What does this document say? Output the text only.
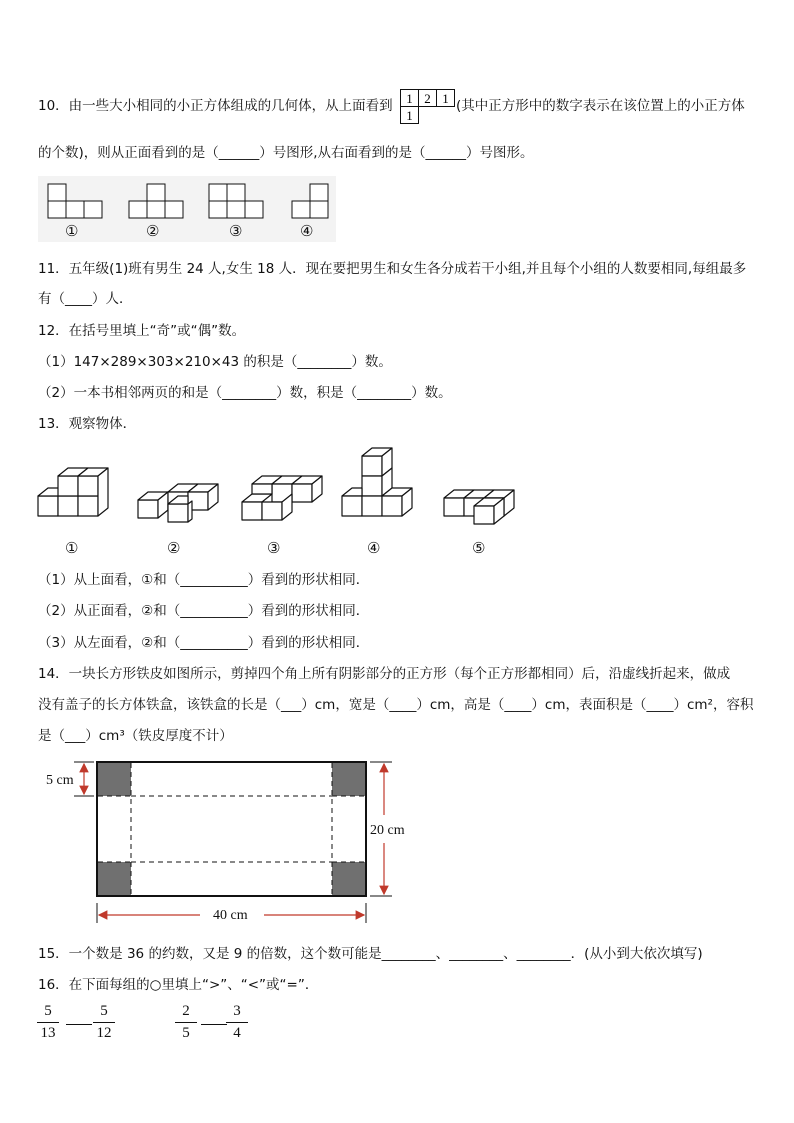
10．由一些大小相同的小正方体组成的几何体，从上面看到 1 2 1
1
(其中正方形中的数字表示在该位置上的小正方体
的个数)，则从正面看到的是（______）号图形,从右面看到的是（______）号图形。
①	②	③	④
11．五年级(1)班有男生 24 人,女生 18 人．现在要把男生和女生各分成若干小组,并且每个小组的人数要相同,每组最多
有（____）人．
12．在括号里填上“奇”或“偶”数。
（1）147×289×303×210×43 的积是（________）数。
（2）一本书相邻两页的和是（________）数，积是（________）数。
13．观察物体．
①	②	③	④	⑤
（1）从上面看，①和（__________）看到的形状相同．
（2）从正面看，②和（__________）看到的形状相同．
（3）从左面看，②和（__________）看到的形状相同．
14．一块长方形铁皮如图所示，剪掉四个角上所有阴影部分的正方形（每个正方形都相同）后，沿虚线折起来，做成
没有盖子的长方体铁盒，该铁盒的长是（___）cm，宽是（____）cm，高是（____）cm，表面积是（____）cm²，容积
是（___）cm³（铁皮厚度不计）
5 cm
20 cm
40 cm
15．一个数是 36 的约数，又是 9 的倍数，这个数可能是________、________、________．(从小到大依次填写)
16．在下面每组的○里填上“>”、“<”或“=”．
$\frac{5}{13} \frac{5}{12}$	$\frac{2}{5} \frac{3}{4}$
